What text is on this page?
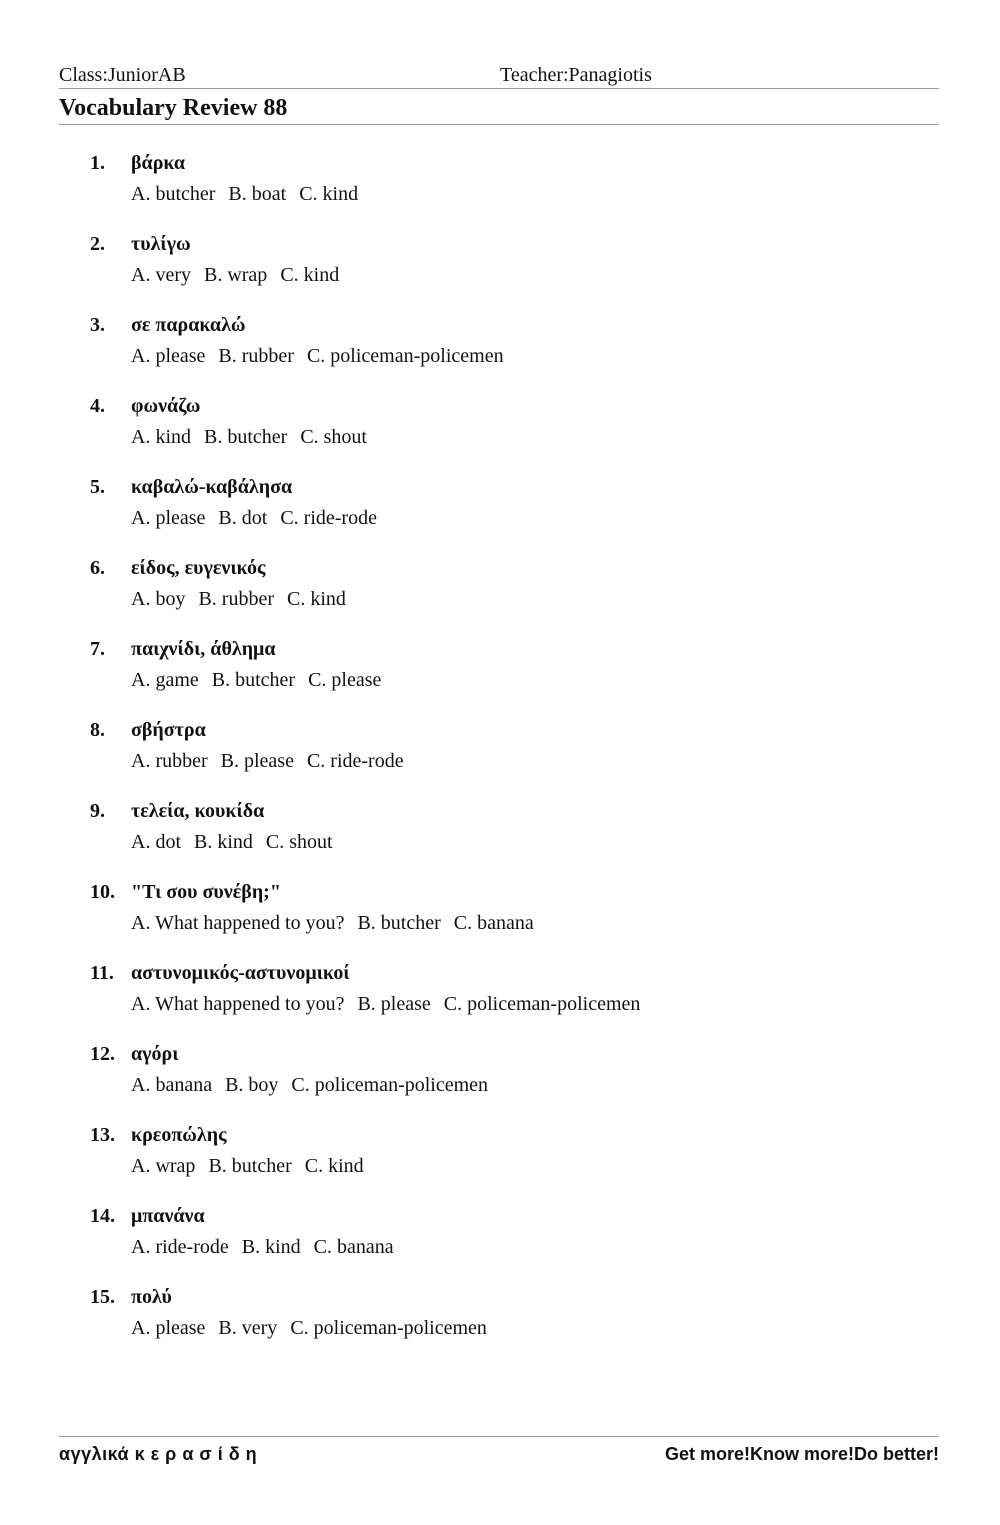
Class:JuniorAB	Teacher:Panagiotis
Vocabulary Review 88
1. βάρκα
A. butcher B. boat C. kind
2. τυλίγω
A. very B. wrap C. kind
3. σε παρακαλώ
A. please B. rubber C. policeman-policemen
4. φωνάζω
A. kind B. butcher C. shout
5. καβαλώ-καβάλησα
A. please B. dot C. ride-rode
6. είδος, ευγενικός
A. boy B. rubber C. kind
7. παιχνίδι, άθλημα
A. game B. butcher C. please
8. σβήστρα
A. rubber B. please C. ride-rode
9. τελεία, κουκίδα
A. dot B. kind C. shout
10. "Τι σου συνέβη;"
A. What happened to you? B. butcher C. banana
11. αστυνομικός-αστυνομικοί
A. What happened to you? B. please C. policeman-policemen
12. αγόρι
A. banana B. boy C. policeman-policemen
13. κρεοπώλης
A. wrap B. butcher C. kind
14. μπανάνα
A. ride-rode B. kind C. banana
15. πολύ
A. please B. very C. policeman-policemen
αγγλικά κ ε ρ α σ ί δ η	Get more!Know more!Do better!
